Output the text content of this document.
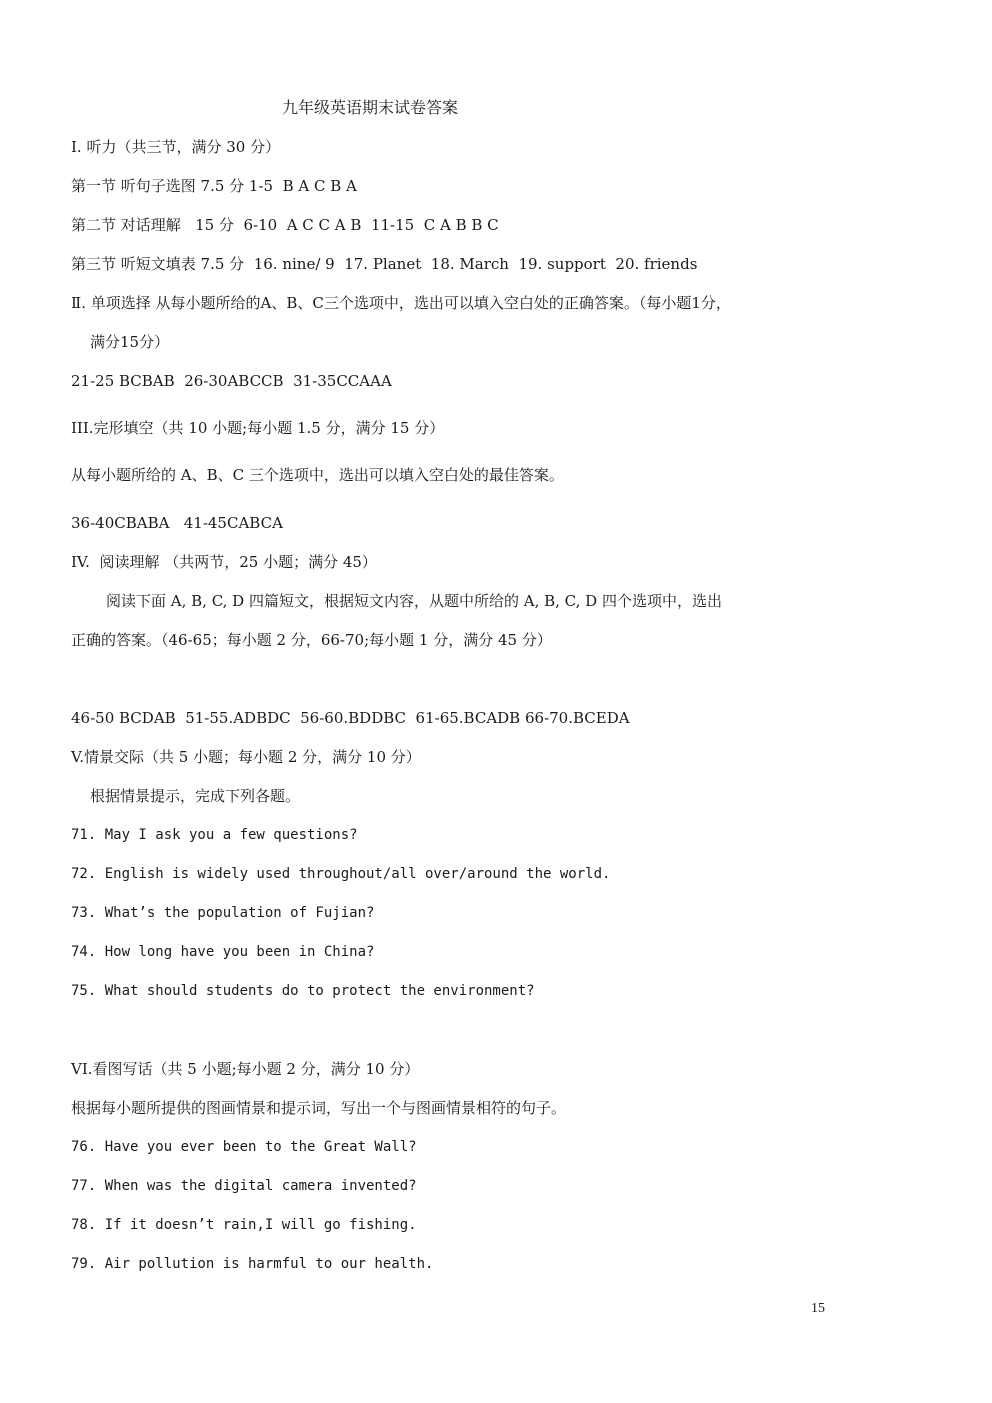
九年级英语期末试卷答案
I. 听力（共三节，满分 30 分）
第一节 听句子选图 7.5 分 1-5  B A C B A
第二节 对话理解   15 分  6-10  A C C A B  11-15  C A B B C
第三节 听短文填表 7.5 分  16. nine/ 9  17. Planet  18. March  19. support  20. friends
Ⅱ. 单项选择 从每小题所给的A、B、C三个选项中，选出可以填入空白处的正确答案。（每小题1分，
满分15分）
21-25 BCBAB  26-30ABCCB  31-35CCAAA
III.完形填空（共 10 小题;每小题 1.5 分，满分 15 分）
从每小题所给的 A、B、C 三个选项中，选出可以填入空白处的最佳答案。
36-40CBABA   41-45CABCA
IV.  阅读理解 （共两节，25 小题；满分 45）
阅读下面 A, B, C, D 四篇短文，根据短文内容，从题中所给的 A, B, C, D 四个选项中，选出
正确的答案。（46-65；每小题 2 分，66-70;每小题 1 分，满分 45 分）
46-50 BCDAB  51-55.ADBDC  56-60.BDDBC  61-65.BCADB 66-70.BCEDA
V.情景交际（共 5 小题；每小题 2 分，满分 10 分）
根据情景提示，完成下列各题。
71. May I ask you a few questions?
72. English is widely used throughout/all over/around the world.
73. What’s the population of Fujian?
74. How long have you been in China?
75. What should students do to protect the environment?
VI.看图写话（共 5 小题;每小题 2 分，满分 10 分）
根据每小题所提供的图画情景和提示词，写出一个与图画情景相符的句子。
76. Have you ever been to the Great Wall?
77. When was the digital camera invented?
78. If it doesn’t rain,I will go fishing.
79. Air pollution is harmful to our health.
15
